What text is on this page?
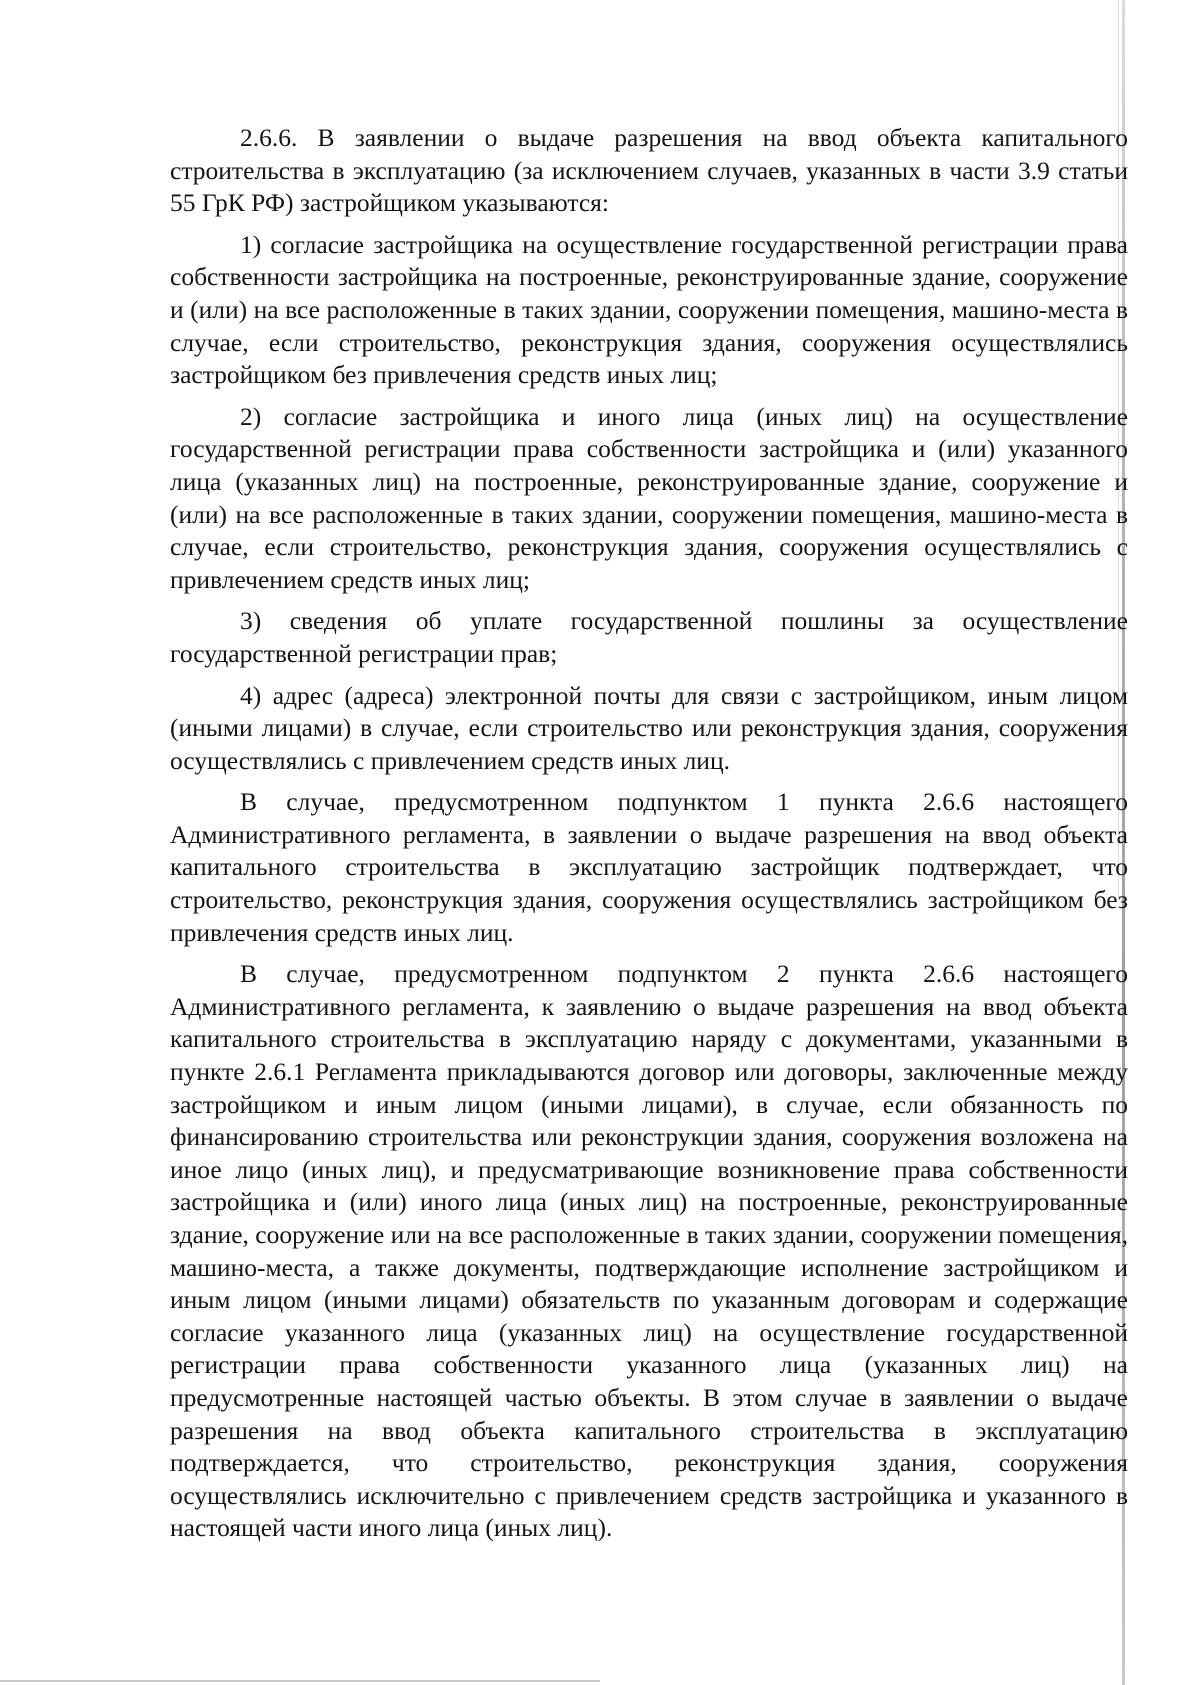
2.6.6. В заявлении о выдаче разрешения на ввод объекта капитального строительства в эксплуатацию (за исключением случаев, указанных в части 3.9 статьи 55 ГрК РФ) застройщиком указываются:

1) согласие застройщика на осуществление государственной регистрации права собственности застройщика на построенные, реконструированные здание, сооружение и (или) на все расположенные в таких здании, сооружении помещения, машино-места в случае, если строительство, реконструкция здания, сооружения осуществлялись застройщиком без привлечения средств иных лиц;

2) согласие застройщика и иного лица (иных лиц) на осуществление государственной регистрации права собственности застройщика и (или) указанного лица (указанных лиц) на построенные, реконструированные здание, сооружение и (или) на все расположенные в таких здании, сооружении помещения, машино-места в случае, если строительство, реконструкция здания, сооружения осуществлялись с привлечением средств иных лиц;

3) сведения об уплате государственной пошлины за осуществление государственной регистрации прав;

4) адрес (адреса) электронной почты для связи с застройщиком, иным лицом (иными лицами) в случае, если строительство или реконструкция здания, сооружения осуществлялись с привлечением средств иных лиц.

В случае, предусмотренном подпунктом 1 пункта 2.6.6 настоящего Административного регламента, в заявлении о выдаче разрешения на ввод объекта капитального строительства в эксплуатацию застройщик подтверждает, что строительство, реконструкция здания, сооружения осуществлялись застройщиком без привлечения средств иных лиц.

В случае, предусмотренном подпунктом 2 пункта 2.6.6 настоящего Административного регламента, к заявлению о выдаче разрешения на ввод объекта капитального строительства в эксплуатацию наряду с документами, указанными в пункте 2.6.1 Регламента прикладываются договор или договоры, заключенные между застройщиком и иным лицом (иными лицами), в случае, если обязанность по финансированию строительства или реконструкции здания, сооружения возложена на иное лицо (иных лиц), и предусматривающие возникновение права собственности застройщика и (или) иного лица (иных лиц) на построенные, реконструированные здание, сооружение или на все расположенные в таких здании, сооружении помещения, машино-места, а также документы, подтверждающие исполнение застройщиком и иным лицом (иными лицами) обязательств по указанным договорам и содержащие согласие указанного лица (указанных лиц) на осуществление государственной регистрации права собственности указанного лица (указанных лиц) на предусмотренные настоящей частью объекты. В этом случае в заявлении о выдаче разрешения на ввод объекта капитального строительства в эксплуатацию подтверждается, что строительство, реконструкция здания, сооружения осуществлялись исключительно с привлечением средств застройщика и указанного в настоящей части иного лица (иных лиц).
